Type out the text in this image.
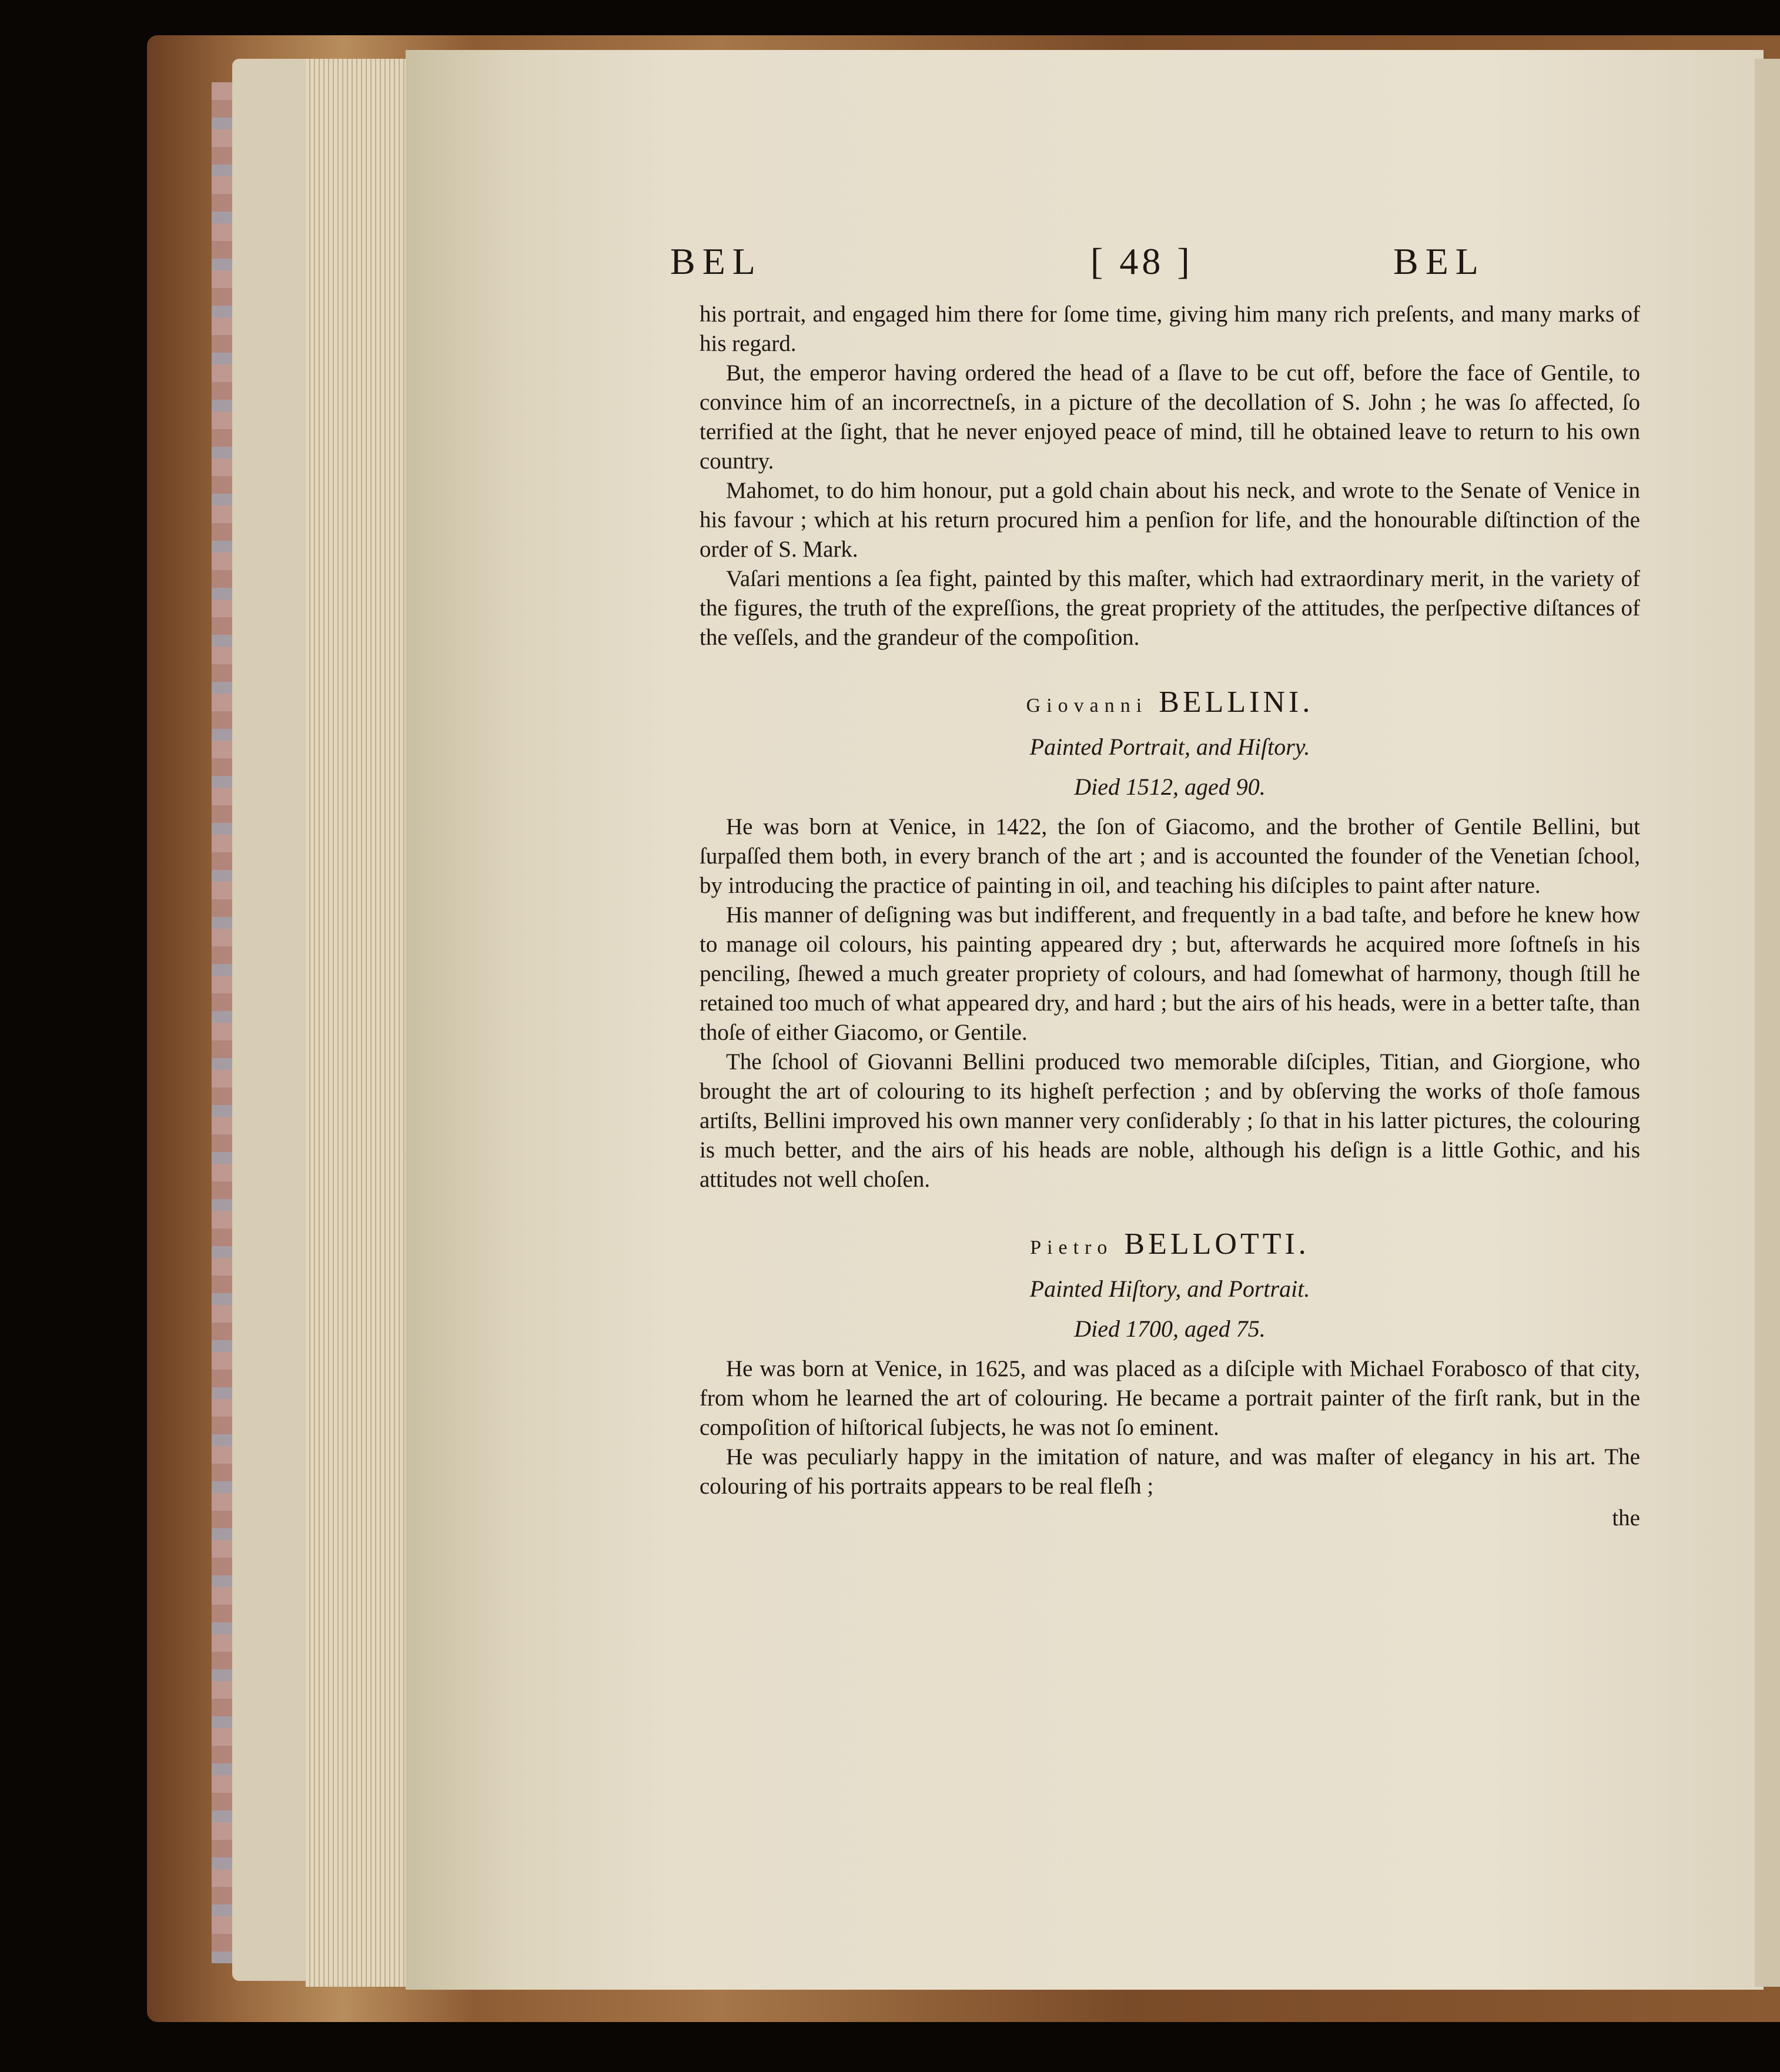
BEL	[ 48 ]	BEL

his portrait, and engaged him there for ſome time, giving him many rich preſents, and many marks of his regard.

But, the emperor having ordered the head of a ſlave to be cut off, before the face of Gentile, to convince him of an incorrectneſs, in a picture of the decollation of S. John ; he was ſo affected, ſo terrified at the ſight, that he never enjoyed peace of mind, till he obtained leave to return to his own country.

Mahomet, to do him honour, put a gold chain about his neck, and wrote to the Senate of Venice in his favour ; which at his return procured him a penſion for life, and the honourable diſtinction of the order of S. Mark.

Vaſari mentions a ſea fight, painted by this maſter, which had extraordinary merit, in the variety of the figures, the truth of the expreſſions, the great propriety of the attitudes, the perſpective diſtances of the veſſels, and the grandeur of the compoſition.

Giovanni BELLINI.
Painted Portrait, and Hiſtory.
Died 1512, aged 90.

He was born at Venice, in 1422, the ſon of Giacomo, and the brother of Gentile Bellini, but ſurpaſſed them both, in every branch of the art ; and is accounted the founder of the Venetian ſchool, by introducing the practice of painting in oil, and teaching his diſciples to paint after nature.

His manner of deſigning was but indifferent, and frequently in a bad taſte, and before he knew how to manage oil colours, his painting appeared dry ; but, afterwards he acquired more ſoftneſs in his penciling, ſhewed a much greater propriety of colours, and had ſomewhat of harmony, though ſtill he retained too much of what appeared dry, and hard ; but the airs of his heads, were in a better taſte, than thoſe of either Giacomo, or Gentile.

The ſchool of Giovanni Bellini produced two memorable diſciples, Titian, and Giorgione, who brought the art of colouring to its higheſt perfection ; and by obſerving the works of thoſe famous artiſts, Bellini improved his own manner very conſiderably ; ſo that in his latter pictures, the colouring is much better, and the airs of his heads are noble, although his deſign is a little Gothic, and his attitudes not well choſen.

Pietro BELLOTTI.
Painted Hiſtory, and Portrait.
Died 1700, aged 75.

He was born at Venice, in 1625, and was placed as a diſciple with Michael Forabosco of that city, from whom he learned the art of colouring. He became a portrait painter of the firſt rank, but in the compoſition of hiſtorical ſubjects, he was not ſo eminent.

He was peculiarly happy in the imitation of nature, and was maſter of elegancy in his art. The colouring of his portraits appears to be real fleſh ;

the
